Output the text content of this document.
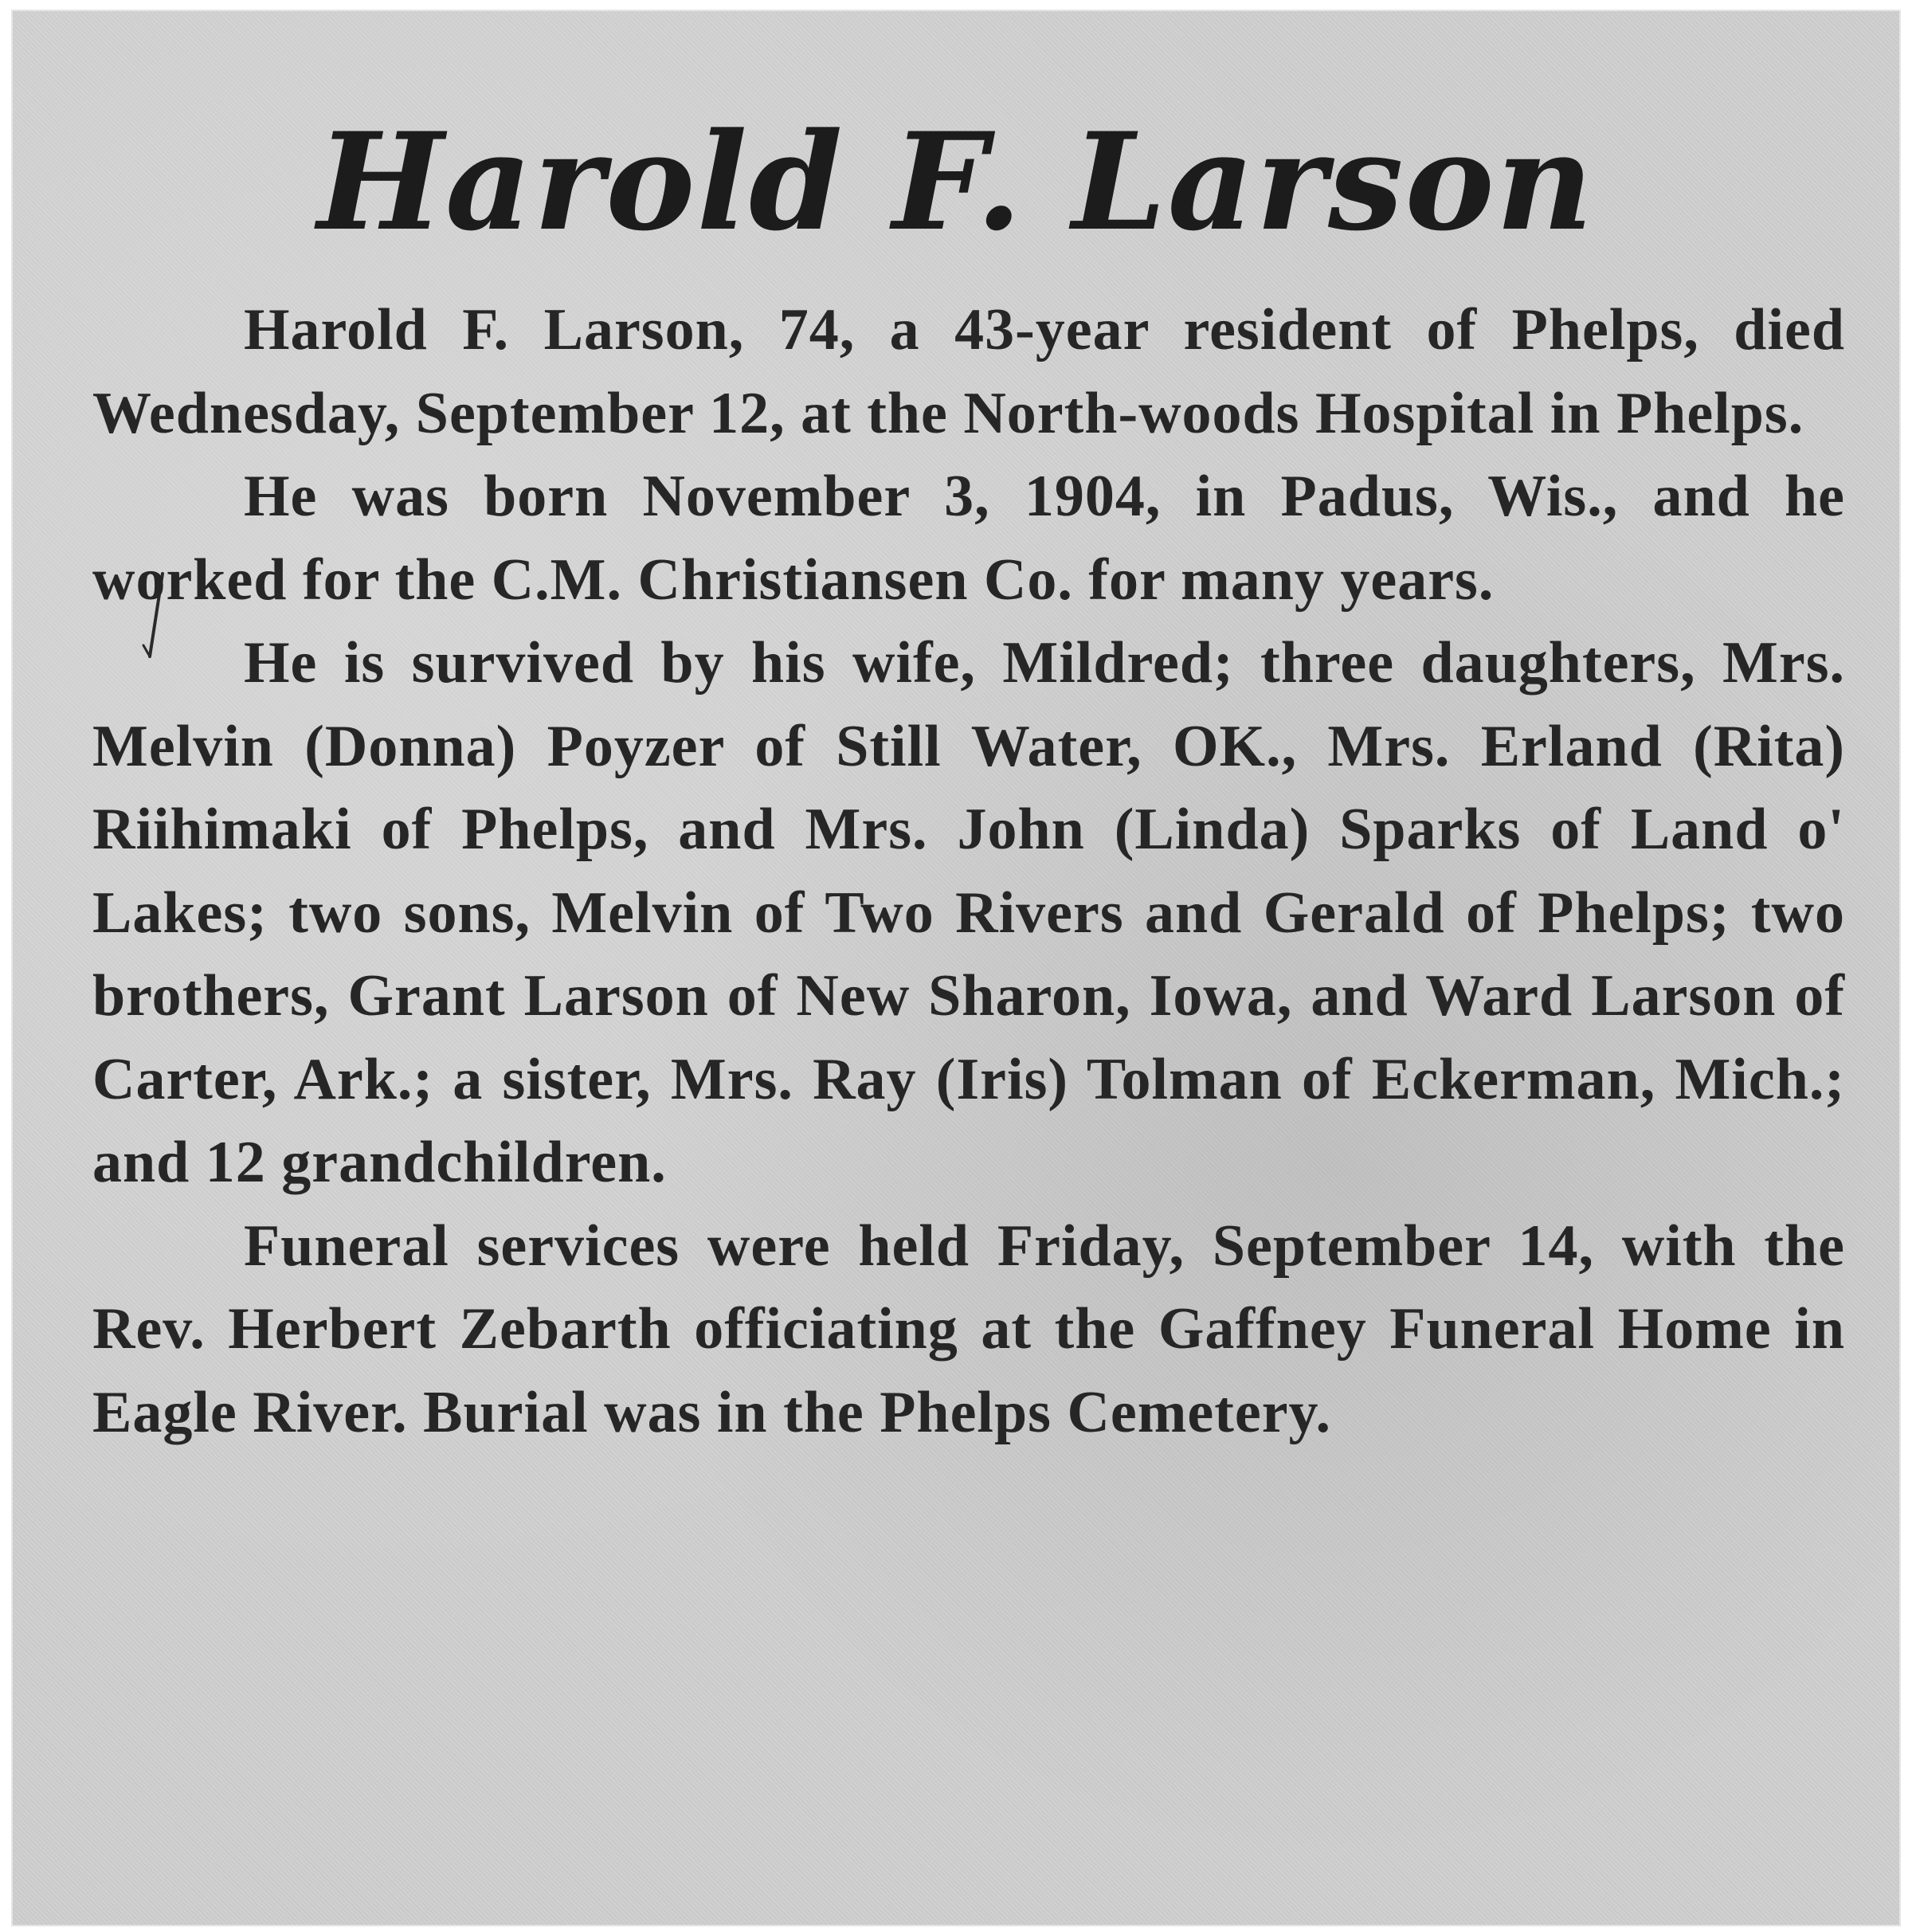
Harold F. Larson

Harold F. Larson, 74, a 43-year resident of Phelps, died Wednesday, September 12, at the North-woods Hospital in Phelps.

He was born November 3, 1904, in Padus, Wis., and he worked for the C.M. Christiansen Co. for many years.

He is survived by his wife, Mildred; three daughters, Mrs. Melvin (Donna) Poyzer of Still Water, OK., Mrs. Erland (Rita) Riihimaki of Phelps, and Mrs. John (Linda) Sparks of Land o' Lakes; two sons, Melvin of Two Rivers and Gerald of Phelps; two brothers, Grant Larson of New Sharon, Iowa, and Ward Larson of Carter, Ark.; a sister, Mrs. Ray (Iris) Tolman of Eckerman, Mich.; and 12 grandchildren.

Funeral services were held Friday, September 14, with the Rev. Herbert Zebarth officiating at the Gaffney Funeral Home in Eagle River. Burial was in the Phelps Cemetery.
